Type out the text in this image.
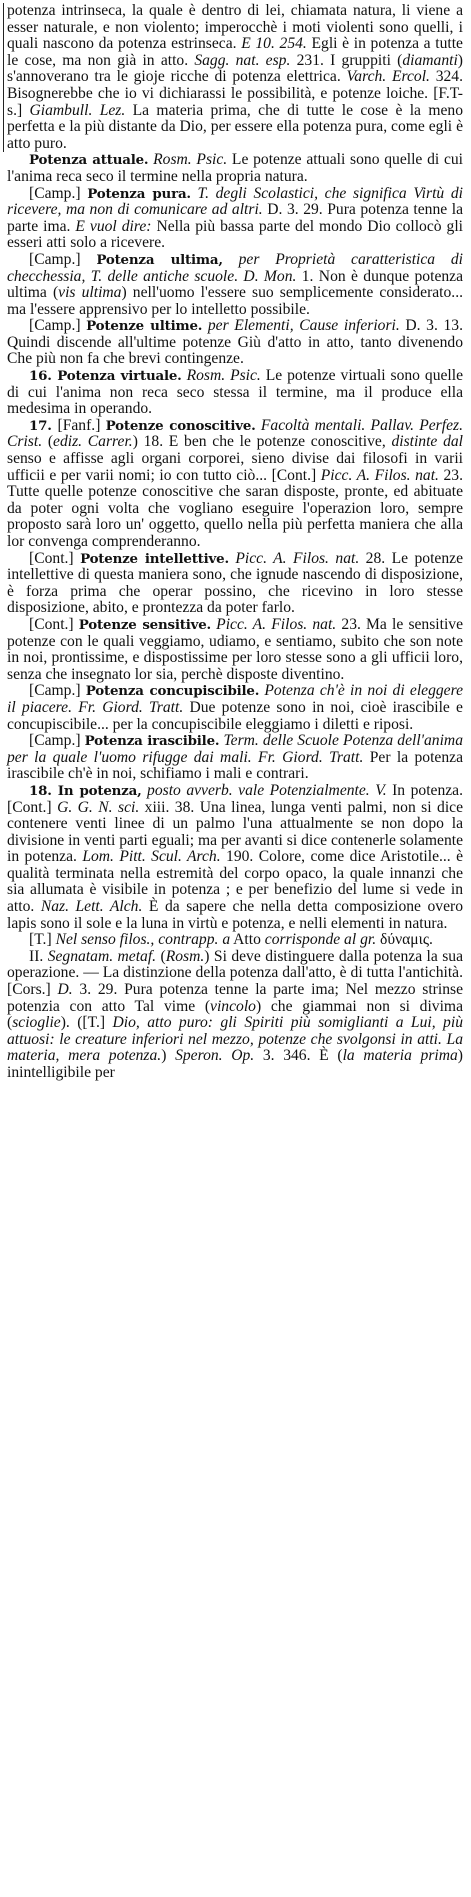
potenza intrinseca, la quale è dentro di lei, chiamata natura, li viene a esser naturale, e non violento; imperocchè i moti violenti sono quelli, i quali nascono da potenza estrinseca. E 10. 254. Egli è in potenza a tutte le cose, ma non già in atto. Sagg. nat. esp. 231. I gruppiti (diamanti) s'annoverano tra le gioje ricche di potenza elettrica. Varch. Ercol. 324. Bisognerebbe che io vi dichiarassi le possibilità, e potenze loiche. [F.T-s.] Giambull. Lez. La materia prima, che di tutte le cose è la meno perfetta e la più distante da Dio, per essere ella potenza pura, come egli è atto puro.

Potenza attuale. Rosm. Psic. Le potenze attuali sono quelle di cui l'anima reca seco il termine nella propria natura.

[Camp.] Potenza pura. T. degli Scolastici, che significa Virtù di ricevere, ma non di comunicare ad altri. D. 3. 29. Pura potenza tenne la parte ima. E vuol dire: Nella più bassa parte del mondo Dio collocò gli esseri atti solo a ricevere.

[Camp.] Potenza ultima, per Proprietà caratteristica di checchessia, T. delle antiche scuole. D. Mon. 1. Non è dunque potenza ultima (vis ultima) nell'uomo l'essere suo semplicemente considerato... ma l'essere apprensivo per lo intelletto possibile.

[Camp.] Potenze ultime. per Elementi, Cause inferiori. D. 3. 13. Quindi discende all'ultime potenze Giù d'atto in atto, tanto divenendo Che più non fa che brevi contingenze.

16. Potenza virtuale. Rosm. Psic. Le potenze virtuali sono quelle di cui l'anima non reca seco stessa il termine, ma il produce ella medesima in operando.

17. [Fanf.] Potenze conoscitive. Facoltà mentali. Pallav. Perfez. Crist. (ediz. Carrer.) 18. E ben che le potenze conoscitive, distinte dal senso e affisse agli organi corporei, sieno divise dai filosofi in varii ufficii e per varii nomi; io con tutto ciò... [Cont.] Picc. A. Filos. nat. 23. Tutte quelle potenze conoscitive che saran disposte, pronte, ed abituate da poter ogni volta che vogliano eseguire l'operazion loro, sempre proposto sarà loro un' oggetto, quello nella più perfetta maniera che alla lor convenga comprenderanno.

[Cont.] Potenze intellettive. Picc. A. Filos. nat. 28. Le potenze intellettive di questa maniera sono, che ignude nascendo di disposizione, è forza prima che operar possino, che ricevino in loro stesse disposizione, abito, e prontezza da poter farlo.

[Cont.] Potenze sensitive. Picc. A. Filos. nat. 23. Ma le sensitive potenze con le quali veggiamo, udiamo, e sentiamo, subito che son note in noi, prontissime, e dispostissime per loro stesse sono a gli ufficii loro, senza che insegnato lor sia, perchè disposte diventino.

[Camp.] Potenza concupiscibile. Potenza ch'è in noi di eleggere il piacere. Fr. Giord. Tratt. Due potenze sono in noi, cioè irascibile e concupiscibile... per la concupiscibile eleggiamo i diletti e riposi.

[Camp.] Potenza irascibile. Term. delle Scuole Potenza dell'anima per la quale l'uomo rifugge dai mali. Fr. Giord. Tratt. Per la potenza irascibile ch'è in noi, schifiamo i mali e contrari.

18. In potenza, posto avverb. vale Potenzialmente. V. In potenza. [Cont.] G. G. N. sci. xiii. 38. Una linea, lunga venti palmi, non si dice contenere venti linee di un palmo l'una attualmente se non dopo la divisione in venti parti eguali; ma per avanti si dice contenerle solamente in potenza. Lom. Pitt. Scul. Arch. 190. Colore, come dice Aristotile... è qualità terminata nella estremità del corpo opaco, la quale innanzi che sia allumata è visibile in potenza ; e per benefizio del lume si vede in atto. Naz. Lett. Alch. È da sapere che nella detta composizione overo lapis sono il sole e la luna in virtù e potenza, e nelli elementi in natura.

[T.] Nel senso filos., contrapp. a Atto corrisponde al gr. δύναμις.

II. Segnatam. metaf. (Rosm.) Si deve distinguere dalla potenza la sua operazione. — La distinzione della potenza dall'atto, è di tutta l'antichità. [Cors.] D. 3. 29. Pura potenza tenne la parte ima; Nel mezzo strinse potenzia con atto Tal vime (vincolo) che giammai non si divima (scioglie). ([T.] Dio, atto puro: gli Spiriti più somiglianti a Lui, più attuosi: le creature inferiori nel mezzo, potenze che svolgonsi in atti. La materia, mera potenza.) Speron. Op. 3. 346. È (la materia prima) inintelligibile per
